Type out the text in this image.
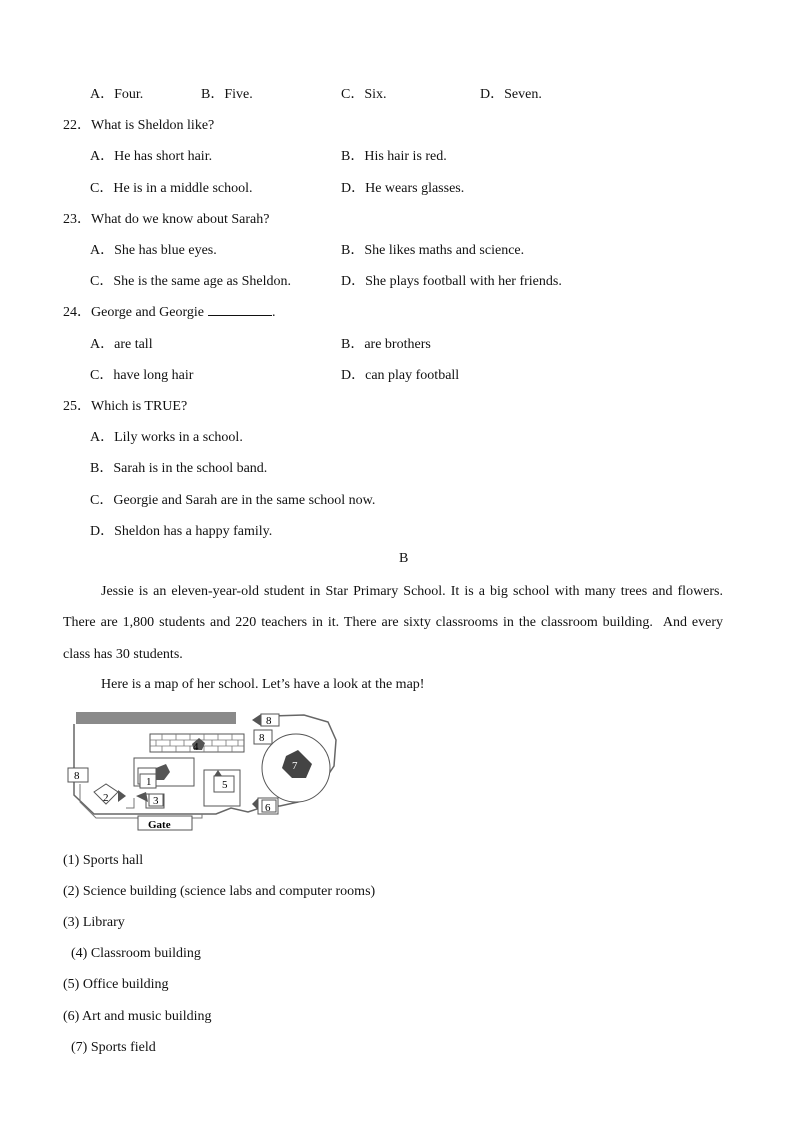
A．Four.	B．Five.	C．Six.	D．Seven.
22．What is Sheldon like?
A．He has short hair.	B．His hair is red.
C．He is in a middle school.	D．He wears glasses.
23．What do we know about Sarah?
A．She has blue eyes.	B．She likes maths and science.
C．She is the same age as Sheldon.	D．She plays football with her friends.
24．George and Georgie	.
A．are tall	B．are brothers
C．have long hair	D．can play football
25．Which is TRUE?
A．Lily works in a school.
B．Sarah is in the school band.
C．Georgie and Sarah are in the same school now.
D．Sheldon has a happy family.
B
Jessie is an eleven-year-old student in Star Primary School. It is a big school with many trees and flowers. There are 1,800 students and 220 teachers in it. There are sixty classrooms in the classroom building. And every class has 30 students.
Here is a map of her school. Let’s have a look at the map!
1
2	3
4
5
6
7
8
8
8
Gate
(1) Sports hall
(2) Science building (science labs and computer rooms)
(3) Library
(4) Classroom building
(5) Office building
(6) Art and music building
(7) Sports field
